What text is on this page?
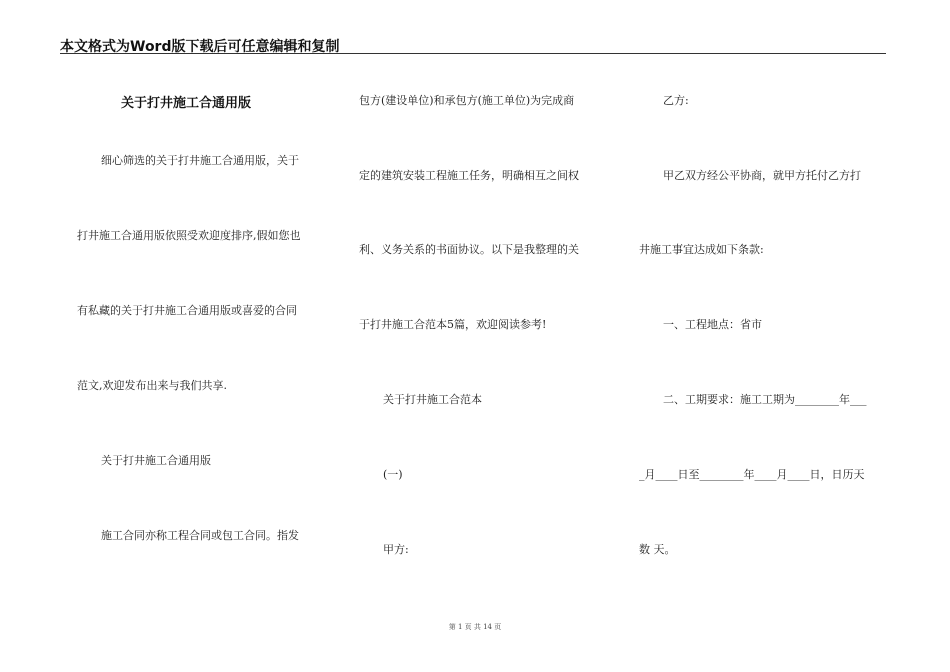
本文格式为Word版下载后可任意编辑和复制
关于打井施工合通用版
细心筛选的关于打井施工合通用版，关于
打井施工合通用版依照受欢迎度排序,假如您也
有私藏的关于打井施工合通用版或喜爱的合同
范文,欢迎发布出来与我们共享.
关于打井施工合通用版
施工合同亦称工程合同或包工合同。指发
包方(建设单位)和承包方(施工单位)为完成商
定的建筑安装工程施工任务，明确相互之间权
利、义务关系的书面协议。以下是我整理的关
于打井施工合范本5篇，欢迎阅读参考!
关于打井施工合范本
(一)
甲方:
乙方:
甲乙双方经公平协商，就甲方托付乙方打
井施工事宜达成如下条款:
一、工程地点：省市
二、工期要求：施工工期为________年___
_月____日至________年____月____日，日历天
数 天。
第 1 页 共 14 页
